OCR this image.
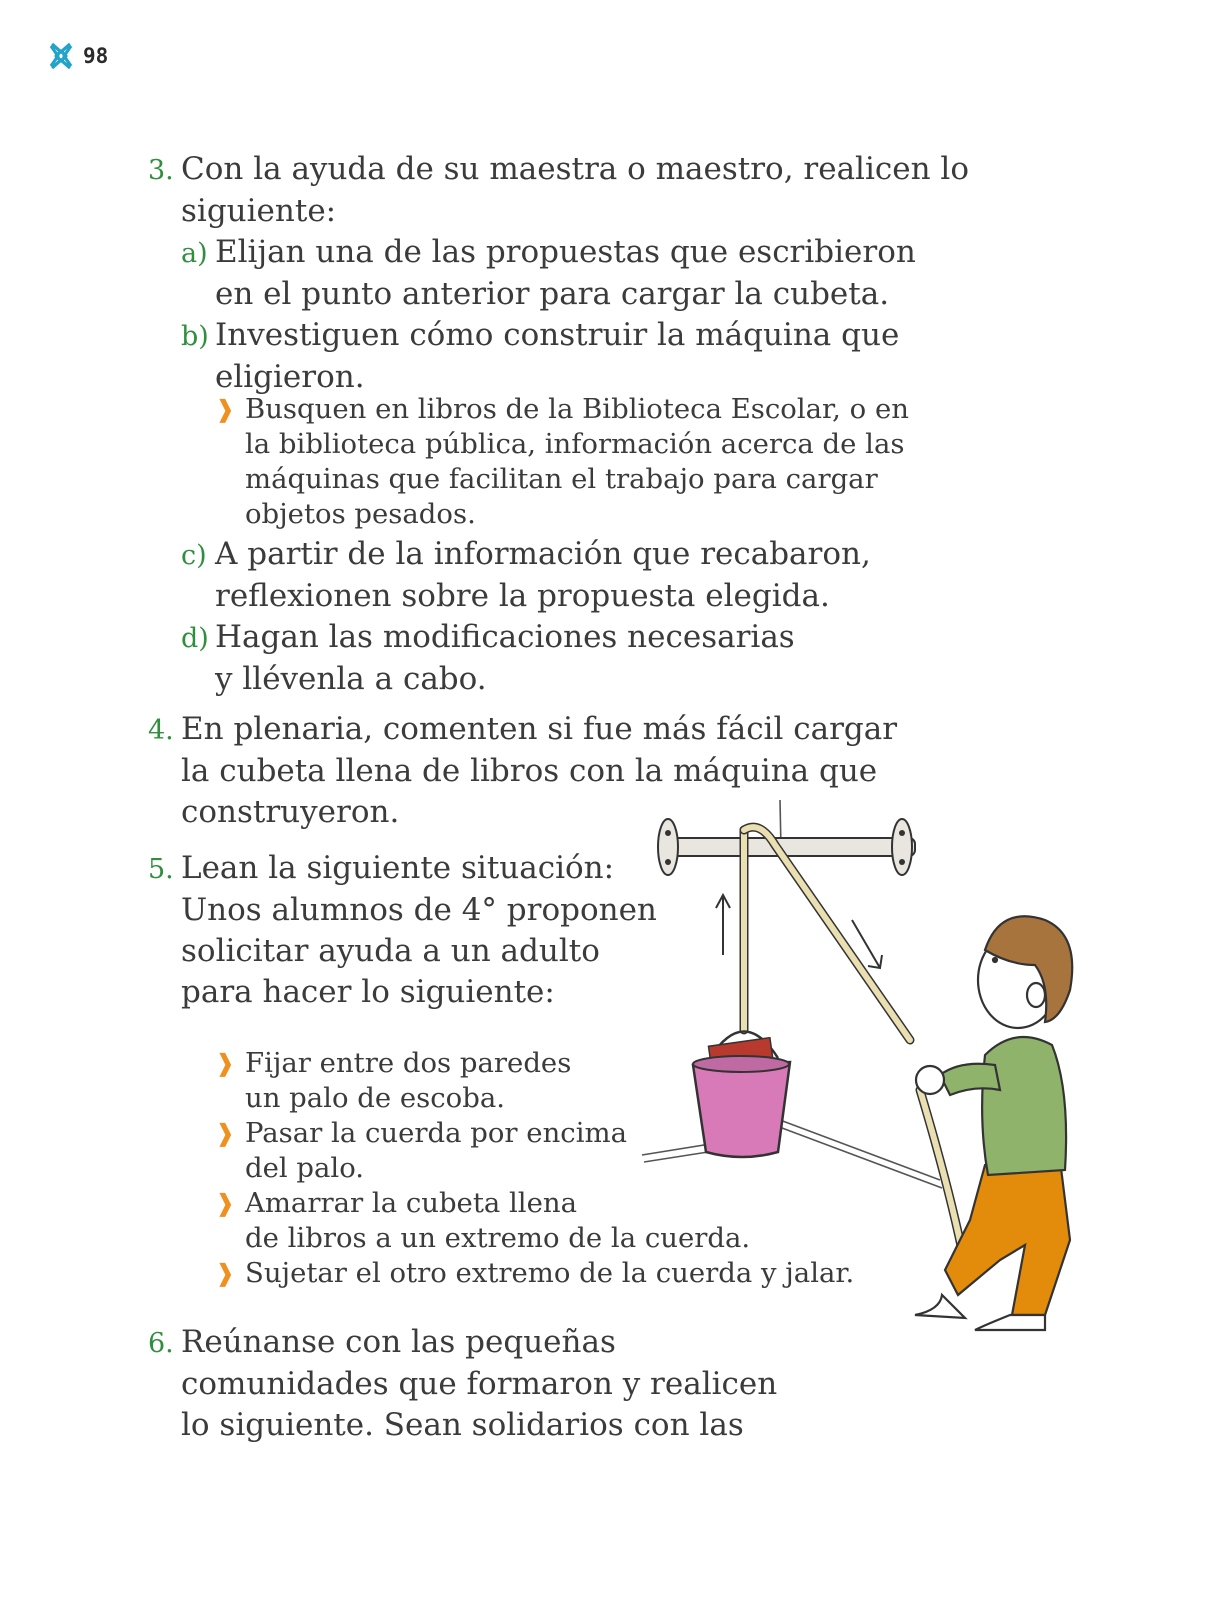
98

3. Con la ayuda de su maestra o maestro, realicen lo

siguiente:

a) Elijan una de las propuestas que escribieron

en el punto anterior para cargar la cubeta.

b) Investiguen cómo construir la máquina que

eligieron.

❱ Busquen en libros de la Biblioteca Escolar, o en

la biblioteca pública, información acerca de las

máquinas que facilitan el trabajo para cargar

objetos pesados.

c) A partir de la información que recabaron,

reflexionen sobre la propuesta elegida.

d) Hagan las modificaciones necesarias

y llévenla a cabo.

4. En plenaria, comenten si fue más fácil cargar

la cubeta llena de libros con la máquina que

construyeron.

5. Lean la siguiente situación:

Unos alumnos de 4° proponen

solicitar ayuda a un adulto

para hacer lo siguiente:

❱ Fijar entre dos paredes

un palo de escoba.

❱ Pasar la cuerda por encima

del palo.

❱ Amarrar la cubeta llena

de libros a un extremo de la cuerda.

❱ Sujetar el otro extremo de la cuerda y jalar.

6. Reúnanse con las pequeñas

comunidades que formaron y realicen

lo siguiente. Sean solidarios con las
